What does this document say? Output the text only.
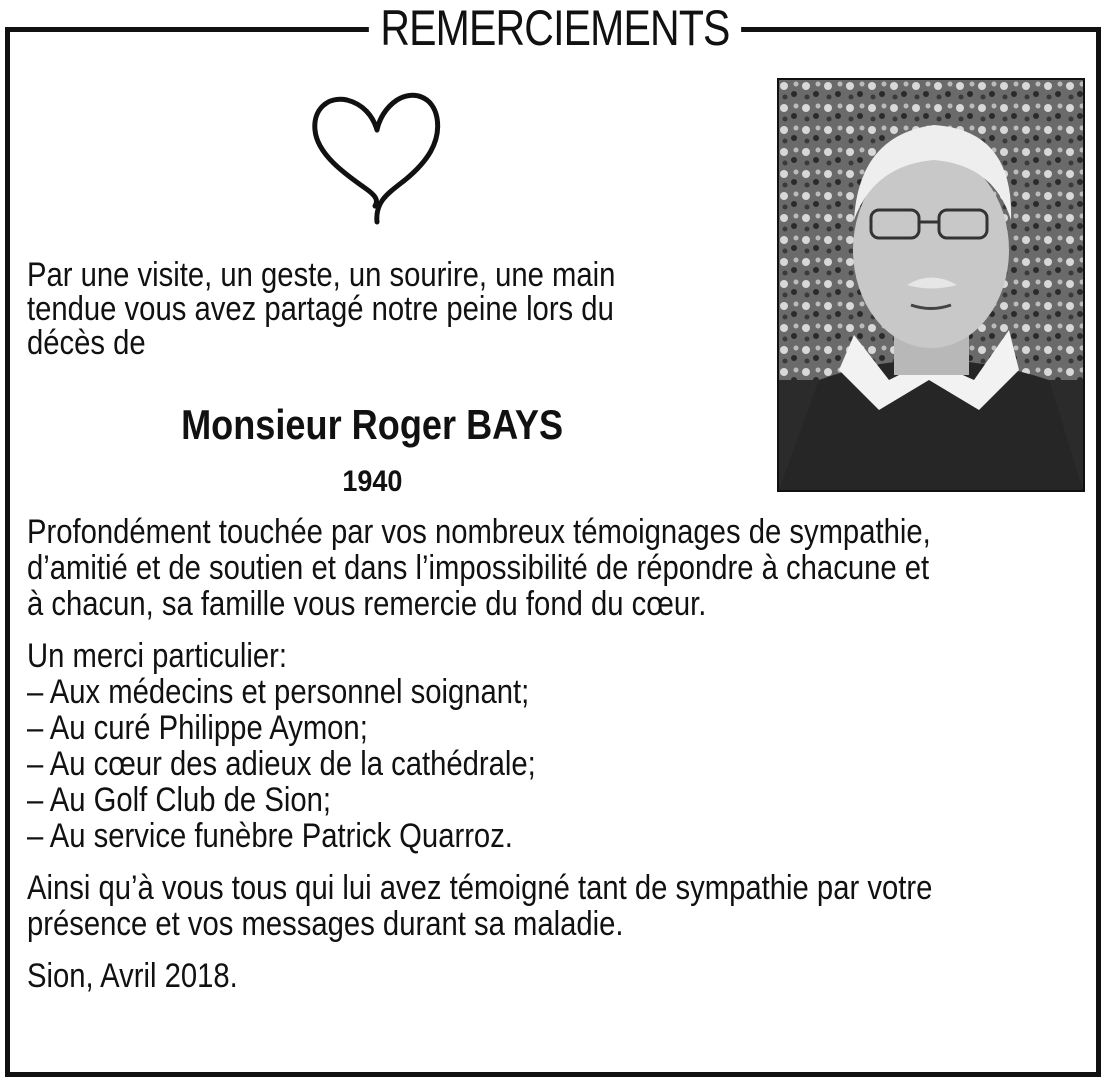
REMERCIEMENTS
Par une visite, un geste, un sourire, une main
tendue vous avez partagé notre peine lors du
décès de
Monsieur Roger BAYS
1940

Profondément touchée par vos nombreux témoignages de sympathie,

d’amitié et de soutien et dans l’impossibilité de répondre à chacune et

à chacun, sa famille vous remercie du fond du cœur.

Un merci particulier:

– Aux médecins et personnel soignant;
– Au curé Philippe Aymon;
– Au cœur des adieux de la cathédrale;
– Au Golf Club de Sion;
– Au service funèbre Patrick Quarroz.

Ainsi qu’à vous tous qui lui avez témoigné tant de sympathie par votre

présence et vos messages durant sa maladie.

Sion, Avril 2018.
